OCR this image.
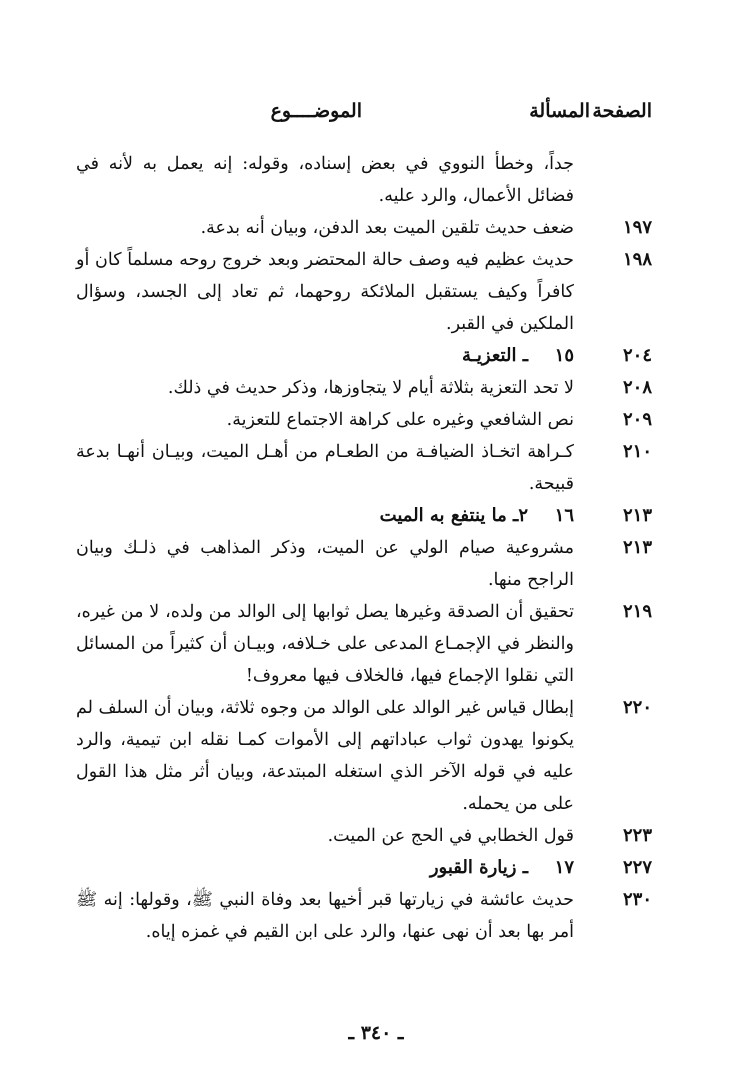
الصفحة
المسألة
الموضــــوع
جداً، وخطأ النووي في بعض إسناده، وقوله: إنه يعمل به لأنه في فضائل الأعمال، والرد عليه.
١٩٧
ضعف حديث تلقين الميت بعد الدفن، وبيان أنه بدعة.
١٩٨
حديث عظيم فيه وصف حالة المحتضر وبعد خروج روحه مسلماً كان أو كافراً وكيف يستقبل الملائكة روحهما، ثم تعاد إلى الجسد، وسؤال الملكين في القبر.
٢٠٤
١٥ـ التعزيـة
٢٠٨
لا تحد التعزية بثلاثة أيام لا يتجاوزها، وذكر حديث في ذلك.
٢٠٩
نص الشافعي وغيره على كراهة الاجتماع للتعزية.
٢١٠
كـراهة اتخـاذ الضيافـة من الطعـام من أهـل الميت، وبيـان أنهـا بدعة قبيحة.
٢١٣
١٦٢ـ ما ينتفع به الميت
٢١٣
مشروعية صيام الولي عن الميت، وذكر المذاهب في ذلـك وبيان الراجح منها.
٢١٩
تحقيق أن الصدقة وغيرها يصل ثوابها إلى الوالد من ولده، لا من غيره، والنظر في الإجمـاع المدعى على خـلافه، وبيـان أن كثيراً من المسائل التي نقلوا الإجماع فيها، فالخلاف فيها معروف!
٢٢٠
إبطال قياس غير الوالد على الوالد من وجوه ثلاثة، وبيان أن السلف لم يكونوا يهدون ثواب عباداتهم إلى الأموات كمـا نقله ابن تيمية، والرد عليه في قوله الآخر الذي استغله المبتدعة، وبيان أثر مثل هذا القول على من يحمله.
٢٢٣
قول الخطابي في الحج عن الميت.
٢٢٧
١٧ـ زيارة القبور
٢٣٠
حديث عائشة في زيارتها قبر أخيها بعد وفاة النبي ﷺ، وقولها: إنه ﷺ أمر بها بعد أن نهى عنها، والرد على ابن القيم في غمزه إياه.
ـ ٣٤٠ ـ
